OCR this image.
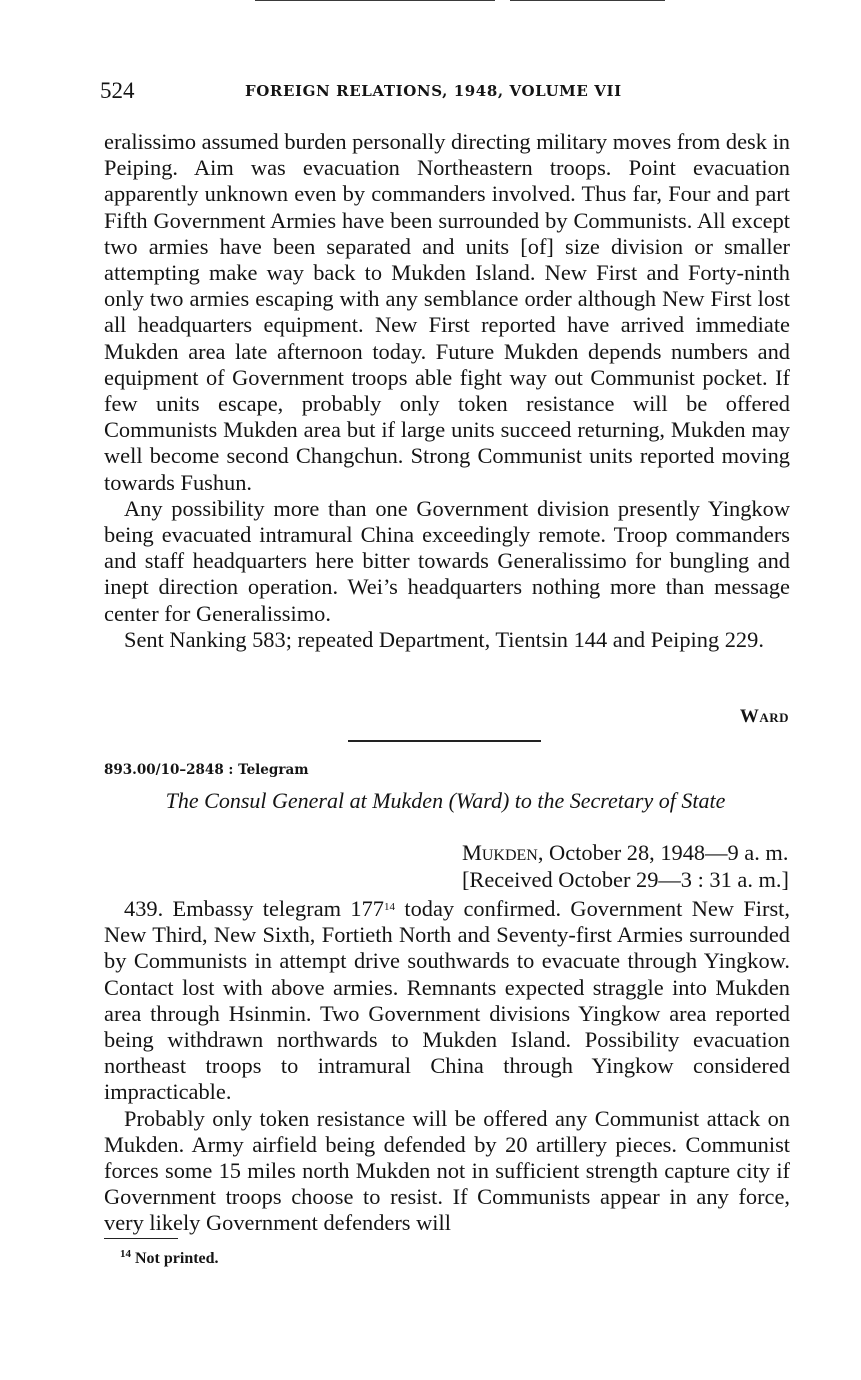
524	FOREIGN RELATIONS, 1948, VOLUME VII

eralissimo assumed burden personally directing military moves from desk in Peiping. Aim was evacuation Northeastern troops. Point evacuation apparently unknown even by commanders involved. Thus far, Four and part Fifth Government Armies have been surrounded by Communists. All except two armies have been separated and units [of] size division or smaller attempting make way back to Mukden Island. New First and Forty-ninth only two armies escaping with any semblance order although New First lost all headquarters equipment. New First reported have arrived immediate Mukden area late afternoon today. Future Mukden depends numbers and equipment of Government troops able fight way out Communist pocket. If few units escape, probably only token resistance will be offered Communists Mukden area but if large units succeed returning, Mukden may well become second Changchun. Strong Communist units reported moving towards Fushun.

Any possibility more than one Government division presently Yingkow being evacuated intramural China exceedingly remote. Troop commanders and staff headquarters here bitter towards Generalissimo for bungling and inept direction operation. Wei’s headquarters nothing more than message center for Generalissimo.

Sent Nanking 583; repeated Department, Tientsin 144 and Peiping 229.

Ward
893.00/10–2848 : Telegram
The Consul General at Mukden (Ward) to the Secretary of State
Mukden, October 28, 1948—9 a. m.
[Received October 29—3 : 31 a. m.]

439. Embassy telegram $177^{14}$ today confirmed. Government New First, New Third, New Sixth, Fortieth North and Seventy-first Armies surrounded by Communists in attempt drive southwards to evacuate through Yingkow. Contact lost with above armies. Remnants expected straggle into Mukden area through Hsinmin. Two Government divisions Yingkow area reported being withdrawn northwards to Mukden Island. Possibility evacuation northeast troops to intramural China through Yingkow considered impracticable.

Probably only token resistance will be offered any Communist attack on Mukden. Army airfield being defended by 20 artillery pieces. Communist forces some 15 miles north Mukden not in sufficient strength capture city if Government troops choose to resist. If Communists appear in any force, very likely Government defenders will

$^{14}$ Not printed.
